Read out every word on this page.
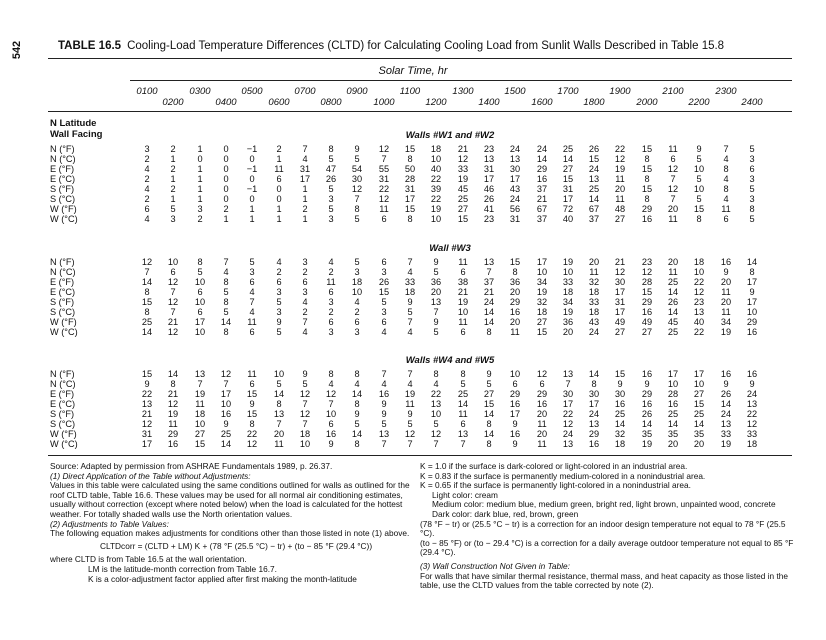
542	TABLE 16.5 Cooling-Load Temperature Differences (CLTD) for Calculating Cooling Load from Sunlit Walls Described in Table 15.8
Solar Time, hr
0100	0300	0500	0700	0900	1100	1300	1500	1700	1900	2100	2300
0200	0400	0600	0800	1000	1200	1400	1600	1800	2000	2200	2400
N Latitude
Wall Facing	Walls #W1 and #W2
N (°F)	3 2 1 0 −1 2 7 8 9 12 15 18 21 23 24 24 25 26 22 15 11 9 7 5
N (°C)	2 1 0 0 0 1 4 5 5 7 8 10 12 13 13 14 14 15 12 8 6 5 4 3
E (°F)	4 2 1 0 −1 11 31 47 54 55 50 40 33 31 30 29 27 24 19 15 12 10 8 6
E (°C)	2 1 1 0 0 6 17 26 30 31 28 22 19 17 17 16 15 13 11 8 7 5 4 3
S (°F)	4 2 1 0 −1 0 1 5 12 22 31 39 45 46 43 37 31 25 20 15 12 10 8 5
S (°C)	2 1 1 0 0 0 1 3 7 12 17 22 25 26 24 21 17 14 11 8 7 5 4 3
W (°F)	6 5 3 2 1 1 2 5 8 11 15 19 27 41 56 67 72 67 48 29 20 15 11 8
W (°C)	4 3 2 1 1 1 1 3 5 6 8 10 15 23 31 37 40 37 27 16 11 8 6 5
Wall #W3
N (°F)	12 10 8 7 5 4 3 4 5 6 7 9 11 13 15 17 19 20 21 23 20 18 16 14
N (°C)	7 6 5 4 3 2 2 2 3 3 4 5 6 7 8 10 10 11 12 12 11 10 9 8
E (°F)	14 12 10 8 6 6 6 11 18 26 33 36 38 37 36 34 33 32 30 28 25 22 20 17
E (°C)	8 7 6 5 4 3 3 6 10 15 18 20 21 21 20 19 18 18 17 15 14 12 11 9
S (°F)	15 12 10 8 7 5 4 3 4 5 9 13 19 24 29 32 34 33 31 29 26 23 20 17
S (°C)	8 7 6 5 4 3 2 2 2 3 5 7 10 14 16 18 19 18 17 16 14 13 11 10
W (°F)	25 21 17 14 11 9 7 6 6 6 7 9 11 14 20 27 36 43 49 49 45 40 34 29
W (°C)	14 12 10 8 6 5 4 3 3 4 4 5 6 8 11 15 20 24 27 27 25 22 19 16
Walls #W4 and #W5
N (°F)	15 14 13 12 11 10 9 8 8 7 7 8 8 9 10 12 13 14 15 16 17 17 16 16
N (°C)	9 8 7 7 6 5 5 4 4 4 4 4 5 5 6 6 7 8 9 9 10 10 9 9
E (°F)	22 21 19 17 15 14 12 12 14 16 19 22 25 27 29 29 30 30 30 29 28 27 26 24
E (°C)	13 12 11 10 9 8 7 7 8 9 11 13 14 15 16 16 17 17 16 16 16 15 14 13
S (°F)	21 19 18 16 15 13 12 10 9 9 9 10 11 14 17 20 22 24 25 26 25 25 24 22
S (°C)	12 11 10 9 8 7 7 6 5 5 5 5 6 8 9 11 12 13 14 14 14 14 13 12
W (°F)	31 29 27 25 22 20 18 16 14 13 12 12 13 14 16 20 24 29 32 35 35 35 33 33
W (°C)	17 16 15 14 12 11 10 9 8 7 7 7 7 8 9 11 13 16 18 19 20 20 19 18

Source: Adapted by permission from ASHRAE Fundamentals 1989, p. 26.37.

(1) Direct Application of the Table without Adjustments:

Values in this table were calculated using the same conditions outlined for walls as outlined for the roof CLTD table, Table 16.6. These values may be used for all normal air conditioning estimates, usually without correction (except where noted below) when the load is calculated for the hottest weather. For totally shaded walls use the North orientation values.

(2) Adjustments to Table Values:

The following equation makes adjustments for conditions other than those listed in note (1) above.

CLTDcorr = (CLTD + LM) K + (78 °F (25.5 °C) − tr) + (to − 85 °F (29.4 °C))

where CLTD is from Table 16.5 at the wall orientation.

LM is the latitude-month correction from Table 16.7.

K is a color-adjustment factor applied after first making the month-latitude

K = 1.0 if the surface is dark-colored or light-colored in an industrial area.

K = 0.83 if the surface is permanently medium-colored in a nonindustrial area.

K = 0.65 if the surface is permanently light-colored in a nonindustrial area.

Light color: cream

Medium color: medium blue, medium green, bright red, light brown, unpainted wood, concrete

Dark color: dark blue, red, brown, green

(78 °F − tr) or (25.5 °C − tr) is a correction for an indoor design temperature not equal to 78 °F (25.5 °C).

(to − 85 °F) or (to − 29.4 °C) is a correction for a daily average outdoor temperature not equal to 85 °F (29.4 °C).

(3) Wall Construction Not Given in Table:

For walls that have similar thermal resistance, thermal mass, and heat capacity as those listed in the table, use the CLTD values from the table corrected by note (2).
